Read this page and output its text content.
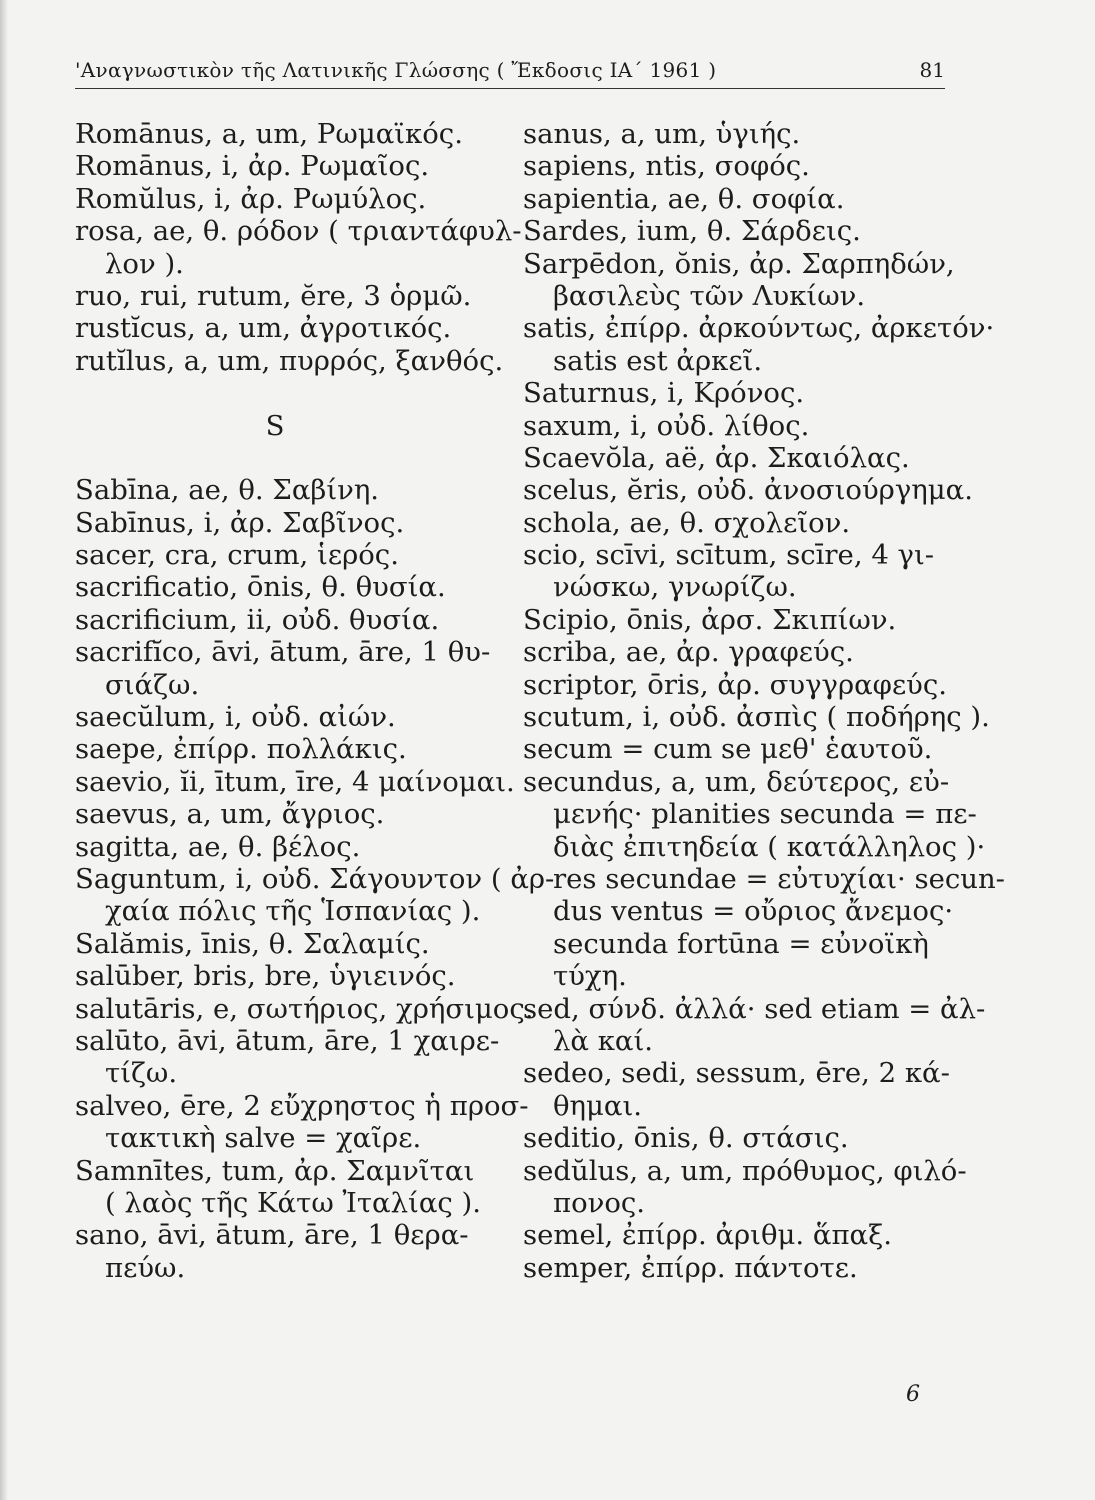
'Αναγνωστικὸν τῆς Λατινικῆς Γλώσσης ( Ἔκδοσις ΙΑ΄ 1961 )	81
Romānus, a, um, Ρωμαϊκός.
Romānus, i, ἀρ. Ρωμαῖος.
Romŭlus, i, ἀρ. Ρωμύλος.
rosa, ae, θ. ρόδον ( τριαντάφυλ-
λον ).
ruo, rui, rutum, ĕre, 3 ὁρμῶ.
rustĭcus, a, um, ἀγροτικός.
rutĭlus, a, um, πυρρός, ξανθός.
S
Sabīna, ae, θ. Σαβίνη.
Sabīnus, i, ἀρ. Σαβῖνος.
sacer, cra, crum, ἱερός.
sacrificatio, ōnis, θ. θυσία.
sacrificium, ii, οὐδ. θυσία.
sacrifĭco, āvi, ātum, āre, 1 θυ-
σιάζω.
saecŭlum, i, οὐδ. αἰών.
saepe, ἐπίρρ. πολλάκις.
saevio, ĭi, ītum, īre, 4 μαίνομαι.
saevus, a, um, ἄγριος.
sagitta, ae, θ. βέλος.
Saguntum, i, οὐδ. Σάγουντον ( ἀρ-
χαία πόλις τῆς Ἱσπανίας ).
Salămis, īnis, θ. Σαλαμίς.
salūber, bris, bre, ὑγιεινός.
salutāris, e, σωτήριος, χρήσιμος.
salūto, āvi, ātum, āre, 1 χαιρε-
τίζω.
salveo, ēre, 2 εὔχρηστος ἡ προσ-
τακτικὴ salve = χαῖρε.
Samnītes, tum, ἀρ. Σαμνῖται
( λαὸς τῆς Κάτω Ἰταλίας ).
sano, āvi, ātum, āre, 1 θερα-
πεύω.
sanus, a, um, ὑγιής.
sapiens, ntis, σοφός.
sapientia, ae, θ. σοφία.
Sardes, ium, θ. Σάρδεις.
Sarpēdon, ŏnis, ἀρ. Σαρπηδών,
βασιλεὺς τῶν Λυκίων.
satis, ἐπίρρ. ἀρκούντως, ἀρκετόν·
satis est ἀρκεῖ.
Saturnus, i, Κρόνος.
saxum, i, οὐδ. λίθος.
Scaevŏla, aë, ἀρ. Σκαιόλας.
scelus, ĕris, οὐδ. ἀνοσιούργημα.
schola, ae, θ. σχολεῖον.
scio, scīvi, scītum, scīre, 4 γι-
νώσκω, γνωρίζω.
Scipio, ōnis, ἀρσ. Σκιπίων.
scriba, ae, ἀρ. γραφεύς.
scriptor, ōris, ἀρ. συγγραφεύς.
scutum, i, οὐδ. ἀσπὶς ( ποδήρης ).
secum = cum se μεθ' ἑαυτοῦ.
secundus, a, um, δεύτερος, εὐ-
μενής· planities secunda = πε-
διὰς ἐπιτηδεία ( κατάλληλος )·
res secundae = εὐτυχίαι· secun-
dus ventus = οὔριος ἄνεμος·
secunda fortūna = εὐνοϊκὴ
τύχη.
sed, σύνδ. ἀλλά· sed etiam = ἀλ-
λὰ καί.
sedeo, sedi, sessum, ēre, 2 κά-
θημαι.
seditio, ōnis, θ. στάσις.
sedŭlus, a, um, πρόθυμος, φιλό-
πονος.
semel, ἐπίρρ. ἀριθμ. ἅπαξ.
semper, ἐπίρρ. πάντοτε.
6
